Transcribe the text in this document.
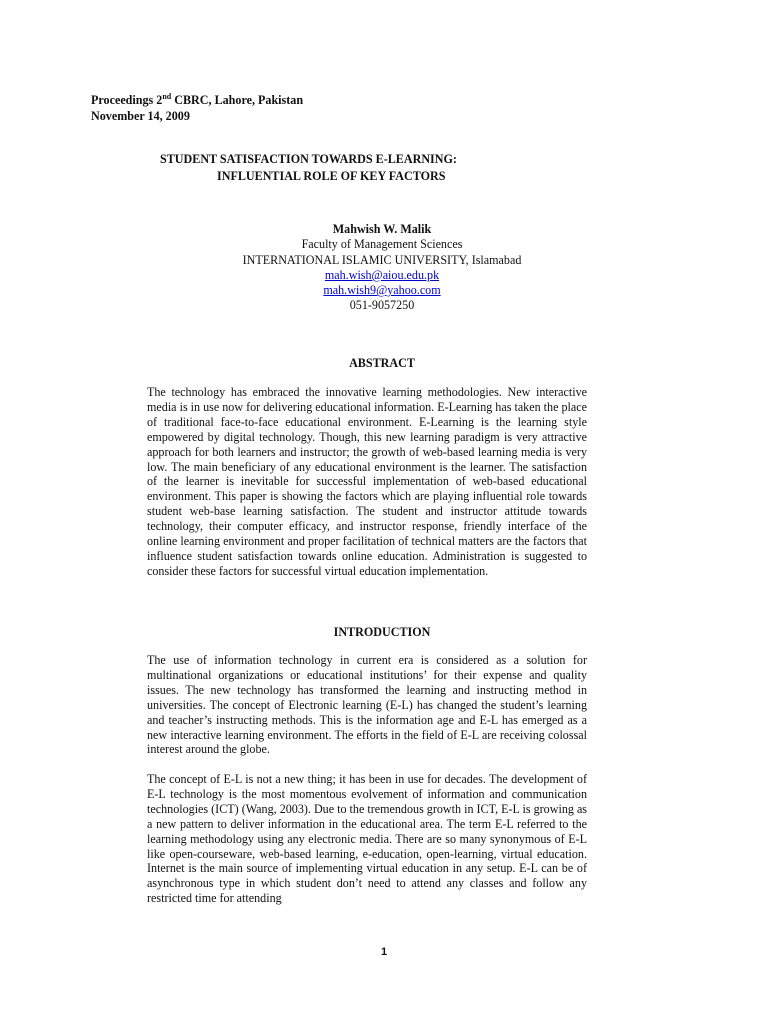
Proceedings 2nd CBRC, Lahore, Pakistan
November 14, 2009
STUDENT SATISFACTION TOWARDS E-LEARNING:
INFLUENTIAL ROLE OF KEY FACTORS
Mahwish W. Malik
Faculty of Management Sciences
INTERNATIONAL ISLAMIC UNIVERSITY, Islamabad
mah.wish@aiou.edu.pk
mah.wish9@yahoo.com
051-9057250
ABSTRACT
The technology has embraced the innovative learning methodologies. New interactive media is in use now for delivering educational information. E-Learning has taken the place of traditional face-to-face educational environment. E-Learning is the learning style empowered by digital technology. Though, this new learning paradigm is very attractive approach for both learners and instructor; the growth of web-based learning media is very low. The main beneficiary of any educational environment is the learner. The satisfaction of the learner is inevitable for successful implementation of web-based educational environment. This paper is showing the factors which are playing influential role towards student web-base learning satisfaction. The student and instructor attitude towards technology, their computer efficacy, and instructor response, friendly interface of the online learning environment and proper facilitation of technical matters are the factors that influence student satisfaction towards online education. Administration is suggested to consider these factors for successful virtual education implementation.
INTRODUCTION
The use of information technology in current era is considered as a solution for multinational organizations or educational institutions’ for their expense and quality issues. The new technology has transformed the learning and instructing method in universities. The concept of Electronic learning (E-L) has changed the student’s learning and teacher’s instructing methods. This is the information age and E-L has emerged as a new interactive learning environment. The efforts in the field of E-L are receiving colossal interest around the globe.
The concept of E-L is not a new thing; it has been in use for decades. The development of E-L technology is the most momentous evolvement of information and communication technologies (ICT) (Wang, 2003). Due to the tremendous growth in ICT, E-L is growing as a new pattern to deliver information in the educational area. The term E-L referred to the learning methodology using any electronic media. There are so many synonymous of E-L like open-courseware, web-based learning, e-education, open-learning, virtual education. Internet is the main source of implementing virtual education in any setup. E-L can be of asynchronous type in which student don’t need to attend any classes and follow any restricted time for attending
1
